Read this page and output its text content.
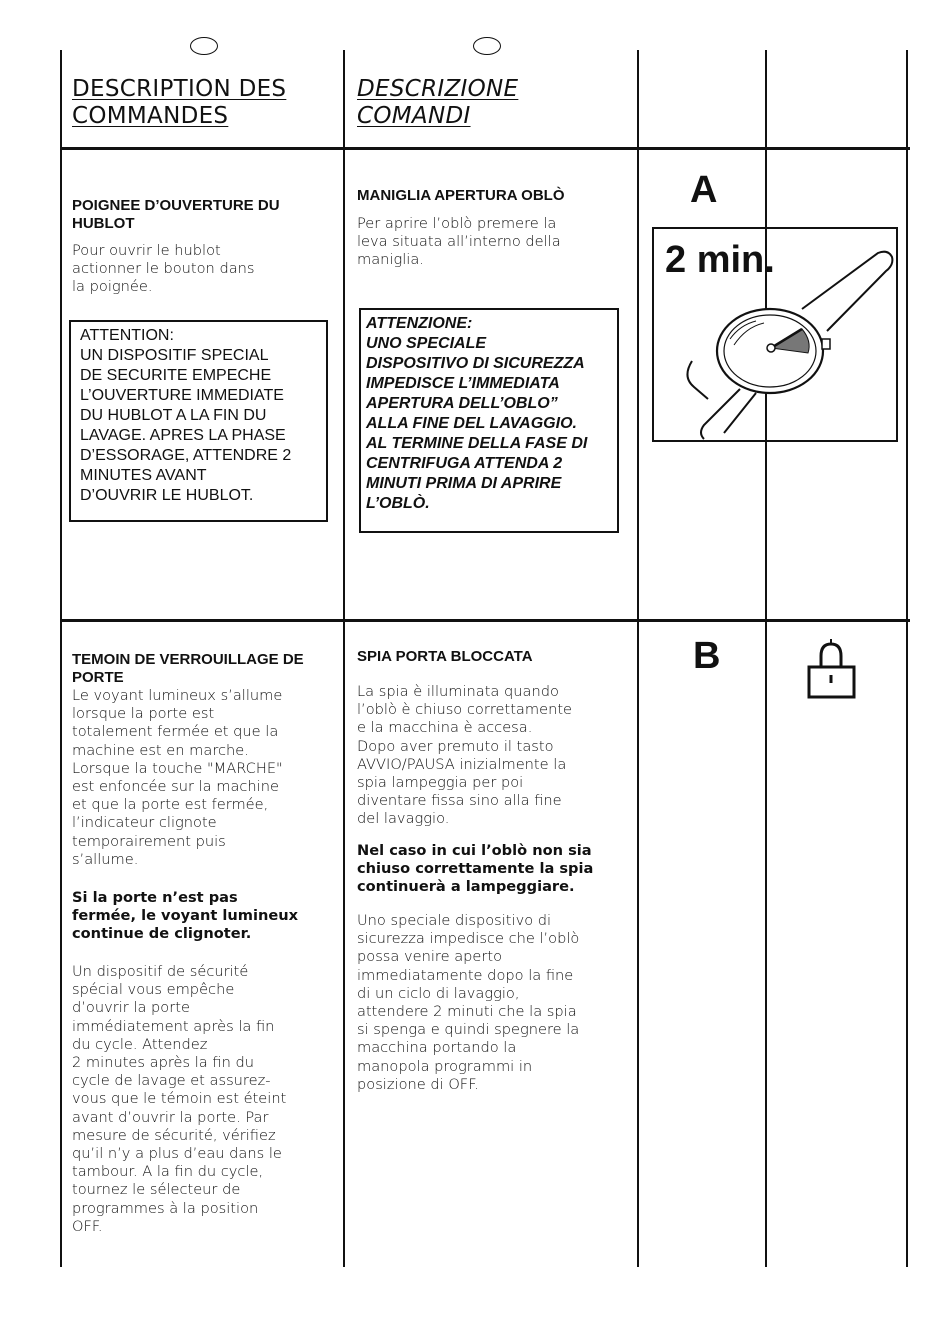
DESCRIPTION DES
COMMANDES
DESCRIZIONE
COMANDI
POIGNEE D’OUVERTURE DU
HUBLOT
Pour ouvrir le hublot
actionner le bouton dans
la poignée.
ATTENTION:
UN DISPOSITIF SPECIAL
DE SECURITE EMPECHE
L’OUVERTURE IMMEDIATE
DU HUBLOT A LA FIN DU
LAVAGE. APRES LA PHASE
D’ESSORAGE, ATTENDRE 2
MINUTES AVANT
D’OUVRIR LE HUBLOT.
MANIGLIA APERTURA OBLÒ
Per aprire l’oblò premere la
leva situata all’interno della
maniglia.
ATTENZIONE:
UNO SPECIALE
DISPOSITIVO DI SICUREZZA
IMPEDISCE L’IMMEDIATA
APERTURA DELL’OBLO”
ALLA FINE DEL LAVAGGIO.
AL TERMINE DELLA FASE DI
CENTRIFUGA ATTENDA 2
MINUTI PRIMA DI APRIRE
L’OBLÒ.
A
2 min.
TEMOIN DE VERROUILLAGE DE
PORTE
Le voyant lumineux s’allume
lorsque la porte est
totalement fermée et que la
machine est en marche.
Lorsque la touche "MARCHE"
est enfoncée sur la machine
et que la porte est fermée,
l’indicateur clignote
temporairement puis
s’allume.
Si la porte n’est pas
fermée, le voyant lumineux
continue de clignoter.
Un dispositif de sécurité
spécial vous empêche
d’ouvrir la porte
immédiatement après la fin
du cycle. Attendez
2 minutes après la fin du
cycle de lavage et assurez-
vous que le témoin est éteint
avant d’ouvrir la porte. Par
mesure de sécurité, vérifiez
qu’il n’y a plus d’eau dans le
tambour. A la fin du cycle,
tournez le sélecteur de
programmes à la position
OFF.
SPIA PORTA BLOCCATA
La spia è illuminata quando
l’oblò è chiuso correttamente
e la macchina è accesa.
Dopo aver premuto il tasto
AVVIO/PAUSA inizialmente la
spia lampeggia per poi
diventare fissa sino alla fine
del lavaggio.
Nel caso in cui l’oblò non sia
chiuso correttamente la spia
continuerà a lampeggiare.
Uno speciale dispositivo di
sicurezza impedisce che l’oblò
possa venire aperto
immediatamente dopo la fine
di un ciclo di lavaggio,
attendere 2 minuti che la spia
si spenga e quindi spegnere la
macchina portando la
manopola programmi in
posizione di OFF.
B
